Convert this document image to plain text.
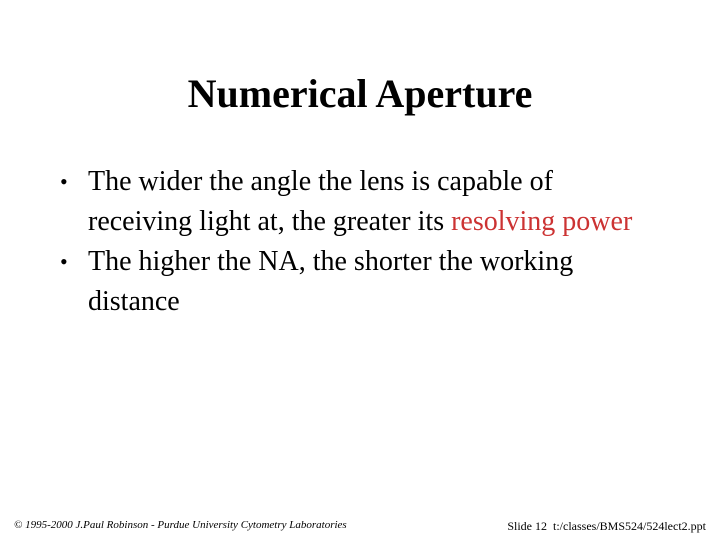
Numerical Aperture
• The wider the angle the lens is capable of receiving light at, the greater its resolving power
• The higher the NA, the shorter the working distance
© 1995-2000 J.Paul Robinson - Purdue University Cytometry Laboratories	Slide 12 t:/classes/BMS524/524lect2.ppt
